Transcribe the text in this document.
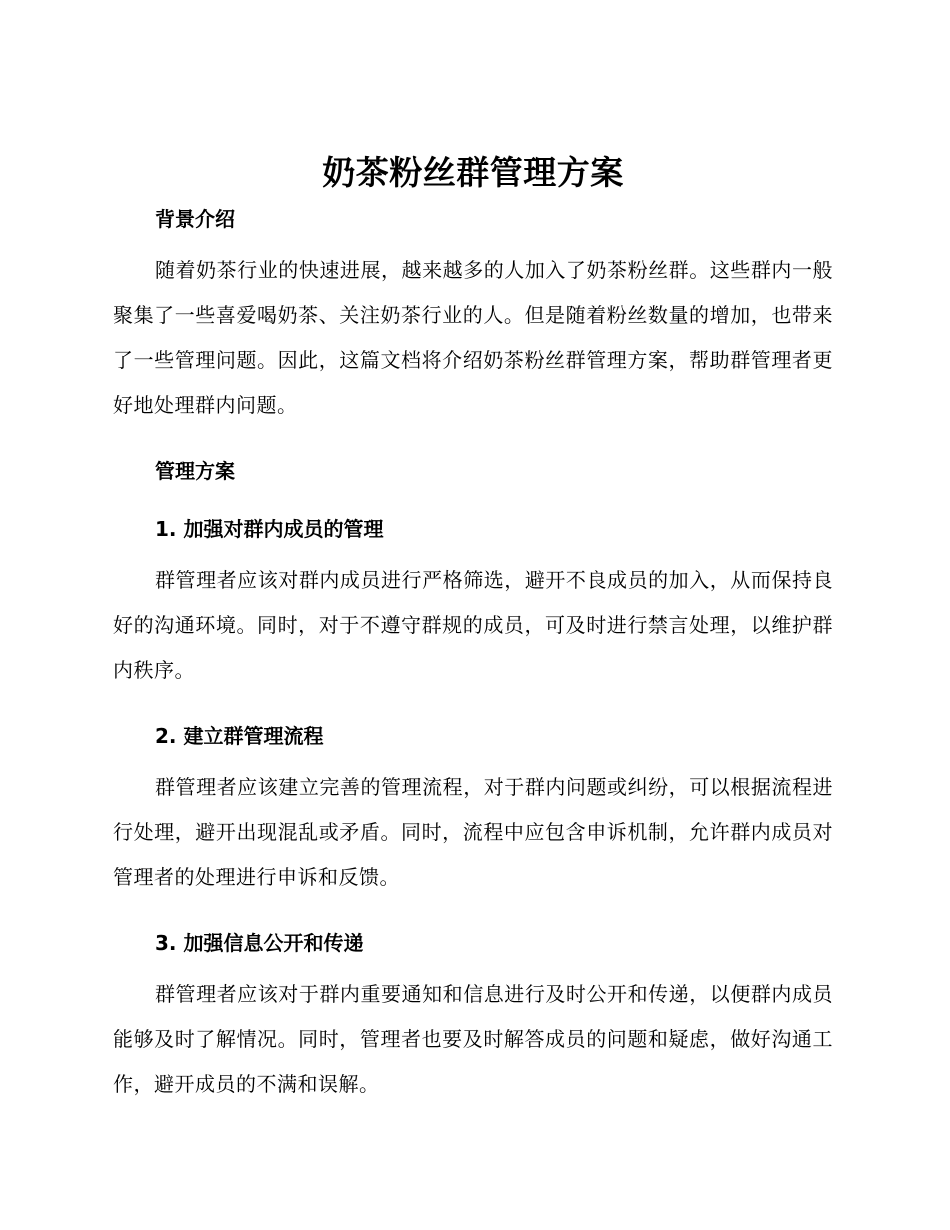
奶茶粉丝群管理方案
背景介绍

随着奶茶行业的快速进展，越来越多的人加入了奶茶粉丝群。这些群内一般聚集了一些喜爱喝奶茶、关注奶茶行业的人。但是随着粉丝数量的增加，也带来了一些管理问题。因此，这篇文档将介绍奶茶粉丝群管理方案，帮助群管理者更好地处理群内问题。

管理方案
1. 加强对群内成员的管理

群管理者应该对群内成员进行严格筛选，避开不良成员的加入，从而保持良好的沟通环境。同时，对于不遵守群规的成员，可及时进行禁言处理，以维护群内秩序。

2. 建立群管理流程

群管理者应该建立完善的管理流程，对于群内问题或纠纷，可以根据流程进行处理，避开出现混乱或矛盾。同时，流程中应包含申诉机制，允许群内成员对管理者的处理进行申诉和反馈。

3. 加强信息公开和传递

群管理者应该对于群内重要通知和信息进行及时公开和传递，以便群内成员能够及时了解情况。同时，管理者也要及时解答成员的问题和疑虑，做好沟通工作，避开成员的不满和误解。
